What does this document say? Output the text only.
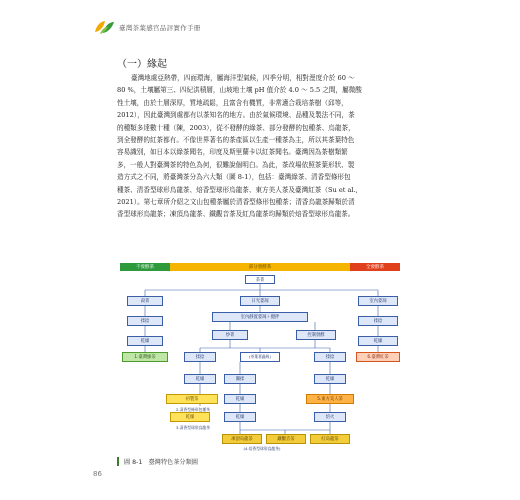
臺灣茶葉感官品評實作手冊
（一）緣起
臺灣地處亞熱帶，四面環海，屬海洋型氣候，四季分明，相對溼度介於 60 ～
80 %，土壤屬第三、四紀洪積層，山坡地土壤 pH 值介於 4.0 ～ 5.5 之間，屬微酸
性土壤，由於土層深厚，質地疏鬆，且富含有機質，非常適合栽培茶樹（邱等，
2012），因此臺灣到處都有以茶知名的地方。由於氣候環境、品種及製法不同，茶
的種類多達數十種（陳，2003），從不發酵的綠茶、部分發酵的包種茶、烏龍茶，
到全發酵的紅茶都有。不像世界著名的茶產區以生產一種茶為主，所以其茶葉特色
容易識別，如日本以綠茶聞名，印度及斯里蘭卡以紅茶聞名。臺灣因為茶樹類繁
多，一般人對臺灣茶的特色為何，很難說個明白。為此，茶改場依照茶葉形狀、製
造方式之不同，將臺灣茶分為六大類（圖 8-1），包括：臺灣綠茶、清香型條形包
種茶、清香型球形烏龍茶、焙香型球形烏龍茶、東方美人茶及臺灣紅茶（Su et al.,
2021）。第七章所介紹之文山包種茶屬於清香型條形包種茶；清香烏龍茶歸類於清
香型球形烏龍茶；凍頂烏龍茶、鐵觀音茶及紅烏龍茶均歸類於焙香型球形烏龍茶。
不發酵茶	部分發酵茶	全發酵茶
茶菁
殺菁	日光萎凋	室內萎凋
室內靜置萎凋＋攪拌
揉捻	揉捻
炒菁	控制發酵
乾燥	乾燥
1.臺灣綠茶	揉捻	(茶葉著蟲吸)	揉捻	6.臺灣紅茶
乾燥	團揉	乾燥
初製茶	乾燥	5.東方美人茶
2.清香型條形包種茶
乾燥	焙火
乾燥
3.清香型球形烏龍茶
凍頂烏龍茶	鐵觀音茶	紅烏龍茶
(4.焙香型球形烏龍茶)
圖 8-1　臺灣特色茶分類圖
86
